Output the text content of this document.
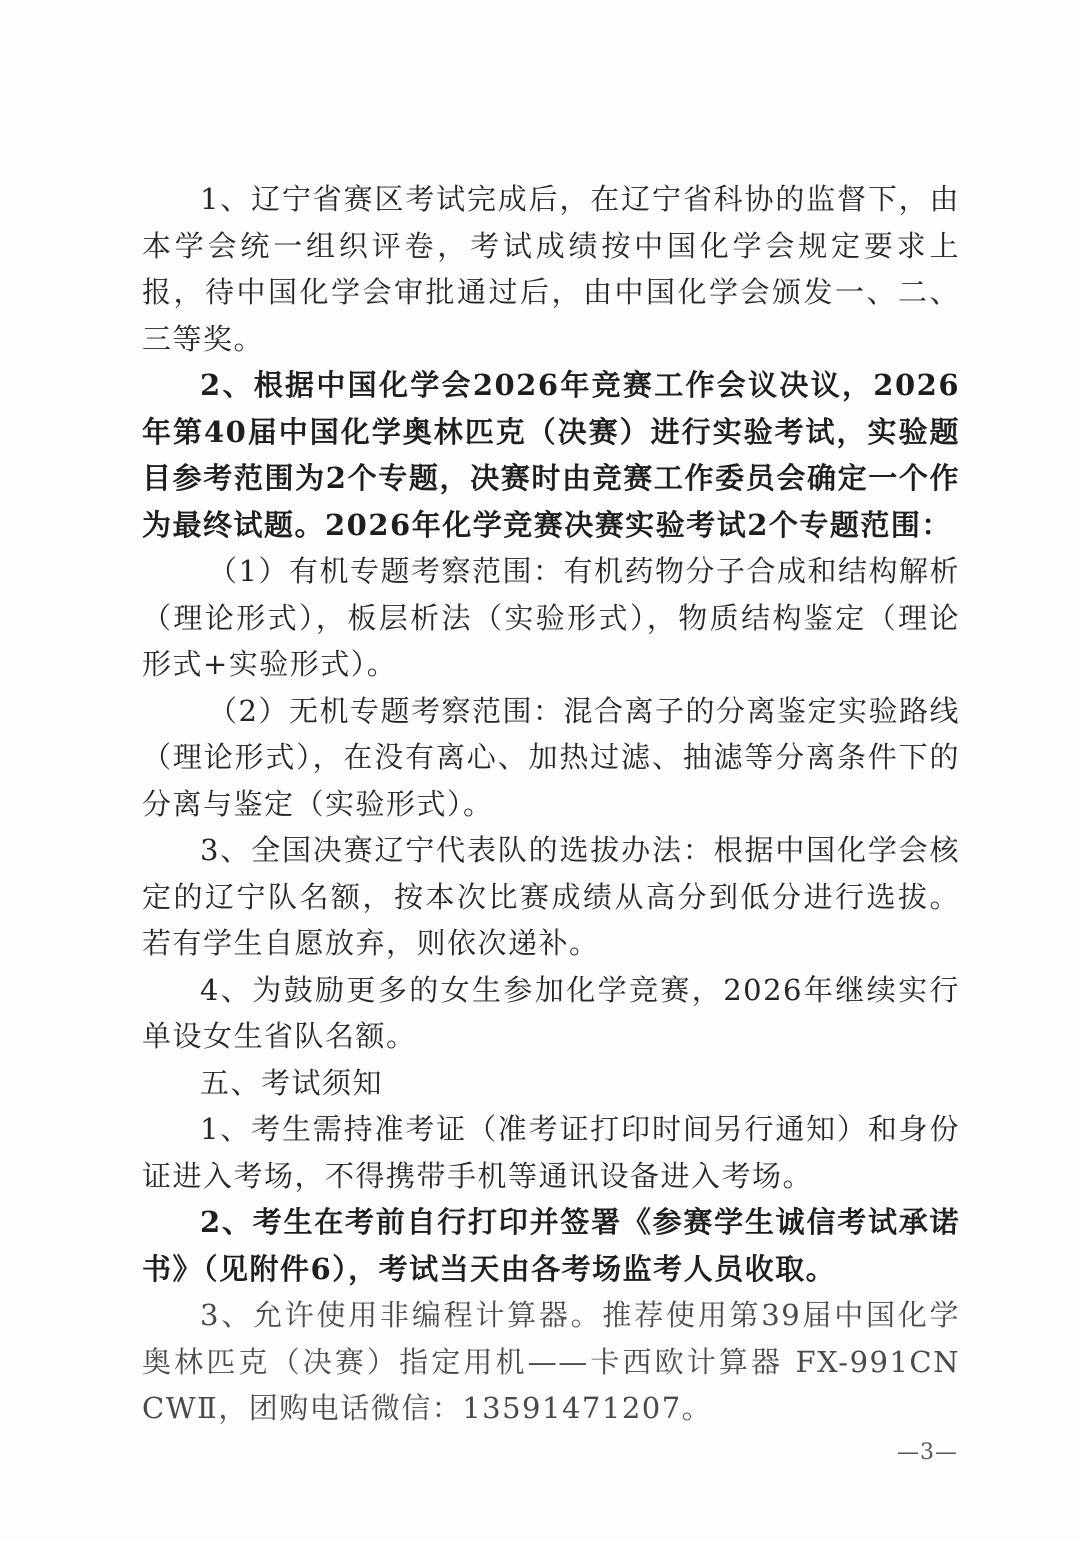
1、辽宁省赛区考试完成后，在辽宁省科协的监督下，由本学会统一组织评卷，考试成绩按中国化学会规定要求上报，待中国化学会审批通过后，由中国化学会颁发一、二、三等奖。

2、根据中国化学会2026年竞赛工作会议决议，2026年第40届中国化学奥林匹克（决赛）进行实验考试，实验题目参考范围为2个专题，决赛时由竞赛工作委员会确定一个作为最终试题。2026年化学竞赛决赛实验考试2个专题范围：

（1）有机专题考察范围：有机药物分子合成和结构解析（理论形式），板层析法（实验形式），物质结构鉴定（理论形式+实验形式）。

（2）无机专题考察范围：混合离子的分离鉴定实验路线（理论形式），在没有离心、加热过滤、抽滤等分离条件下的分离与鉴定（实验形式）。

3、全国决赛辽宁代表队的选拔办法：根据中国化学会核定的辽宁队名额，按本次比赛成绩从高分到低分进行选拔。若有学生自愿放弃，则依次递补。

4、为鼓励更多的女生参加化学竞赛，2026年继续实行单设女生省队名额。

五、考试须知

1、考生需持准考证（准考证打印时间另行通知）和身份证进入考场，不得携带手机等通讯设备进入考场。

2、考生在考前自行打印并签署《参赛学生诚信考试承诺书》（见附件6），考试当天由各考场监考人员收取。

3、允许使用非编程计算器。推荐使用第39届中国化学奥林匹克（决赛）指定用机——卡西欧计算器 FX-991CN CWⅡ，团购电话微信：13591471207。

—3—
